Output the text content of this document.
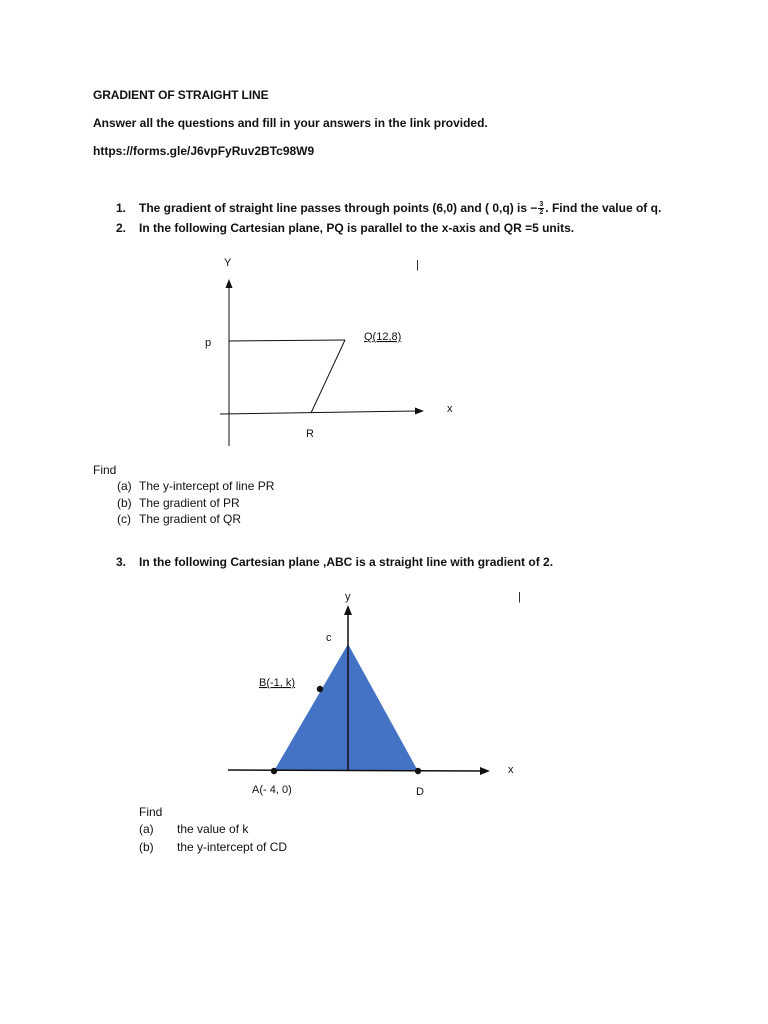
GRADIENT OF STRAIGHT LINE
Answer all the questions and fill in your answers in the link provided.
https://forms.gle/J6vpFyRuv2BTc98W9
1. The gradient of straight line passes through points (6,0) and ( 0,q) is − $\frac{3}{2}$ . Find the value of q.
2. In the following Cartesian plane, PQ is parallel to the x-axis and QR =5 units.
Y	|
x
p	Q(12,8)
R
y
x
|
c
B(-1, k)
A(- 4, 0)	D
Find
(a) The y-intercept of line PR
(b) The gradient of PR
(c) The gradient of QR
3. In the following Cartesian plane ,ABC is a straight line with gradient of 2.
Find
(a)	the value of k
(b)	the y-intercept of CD
